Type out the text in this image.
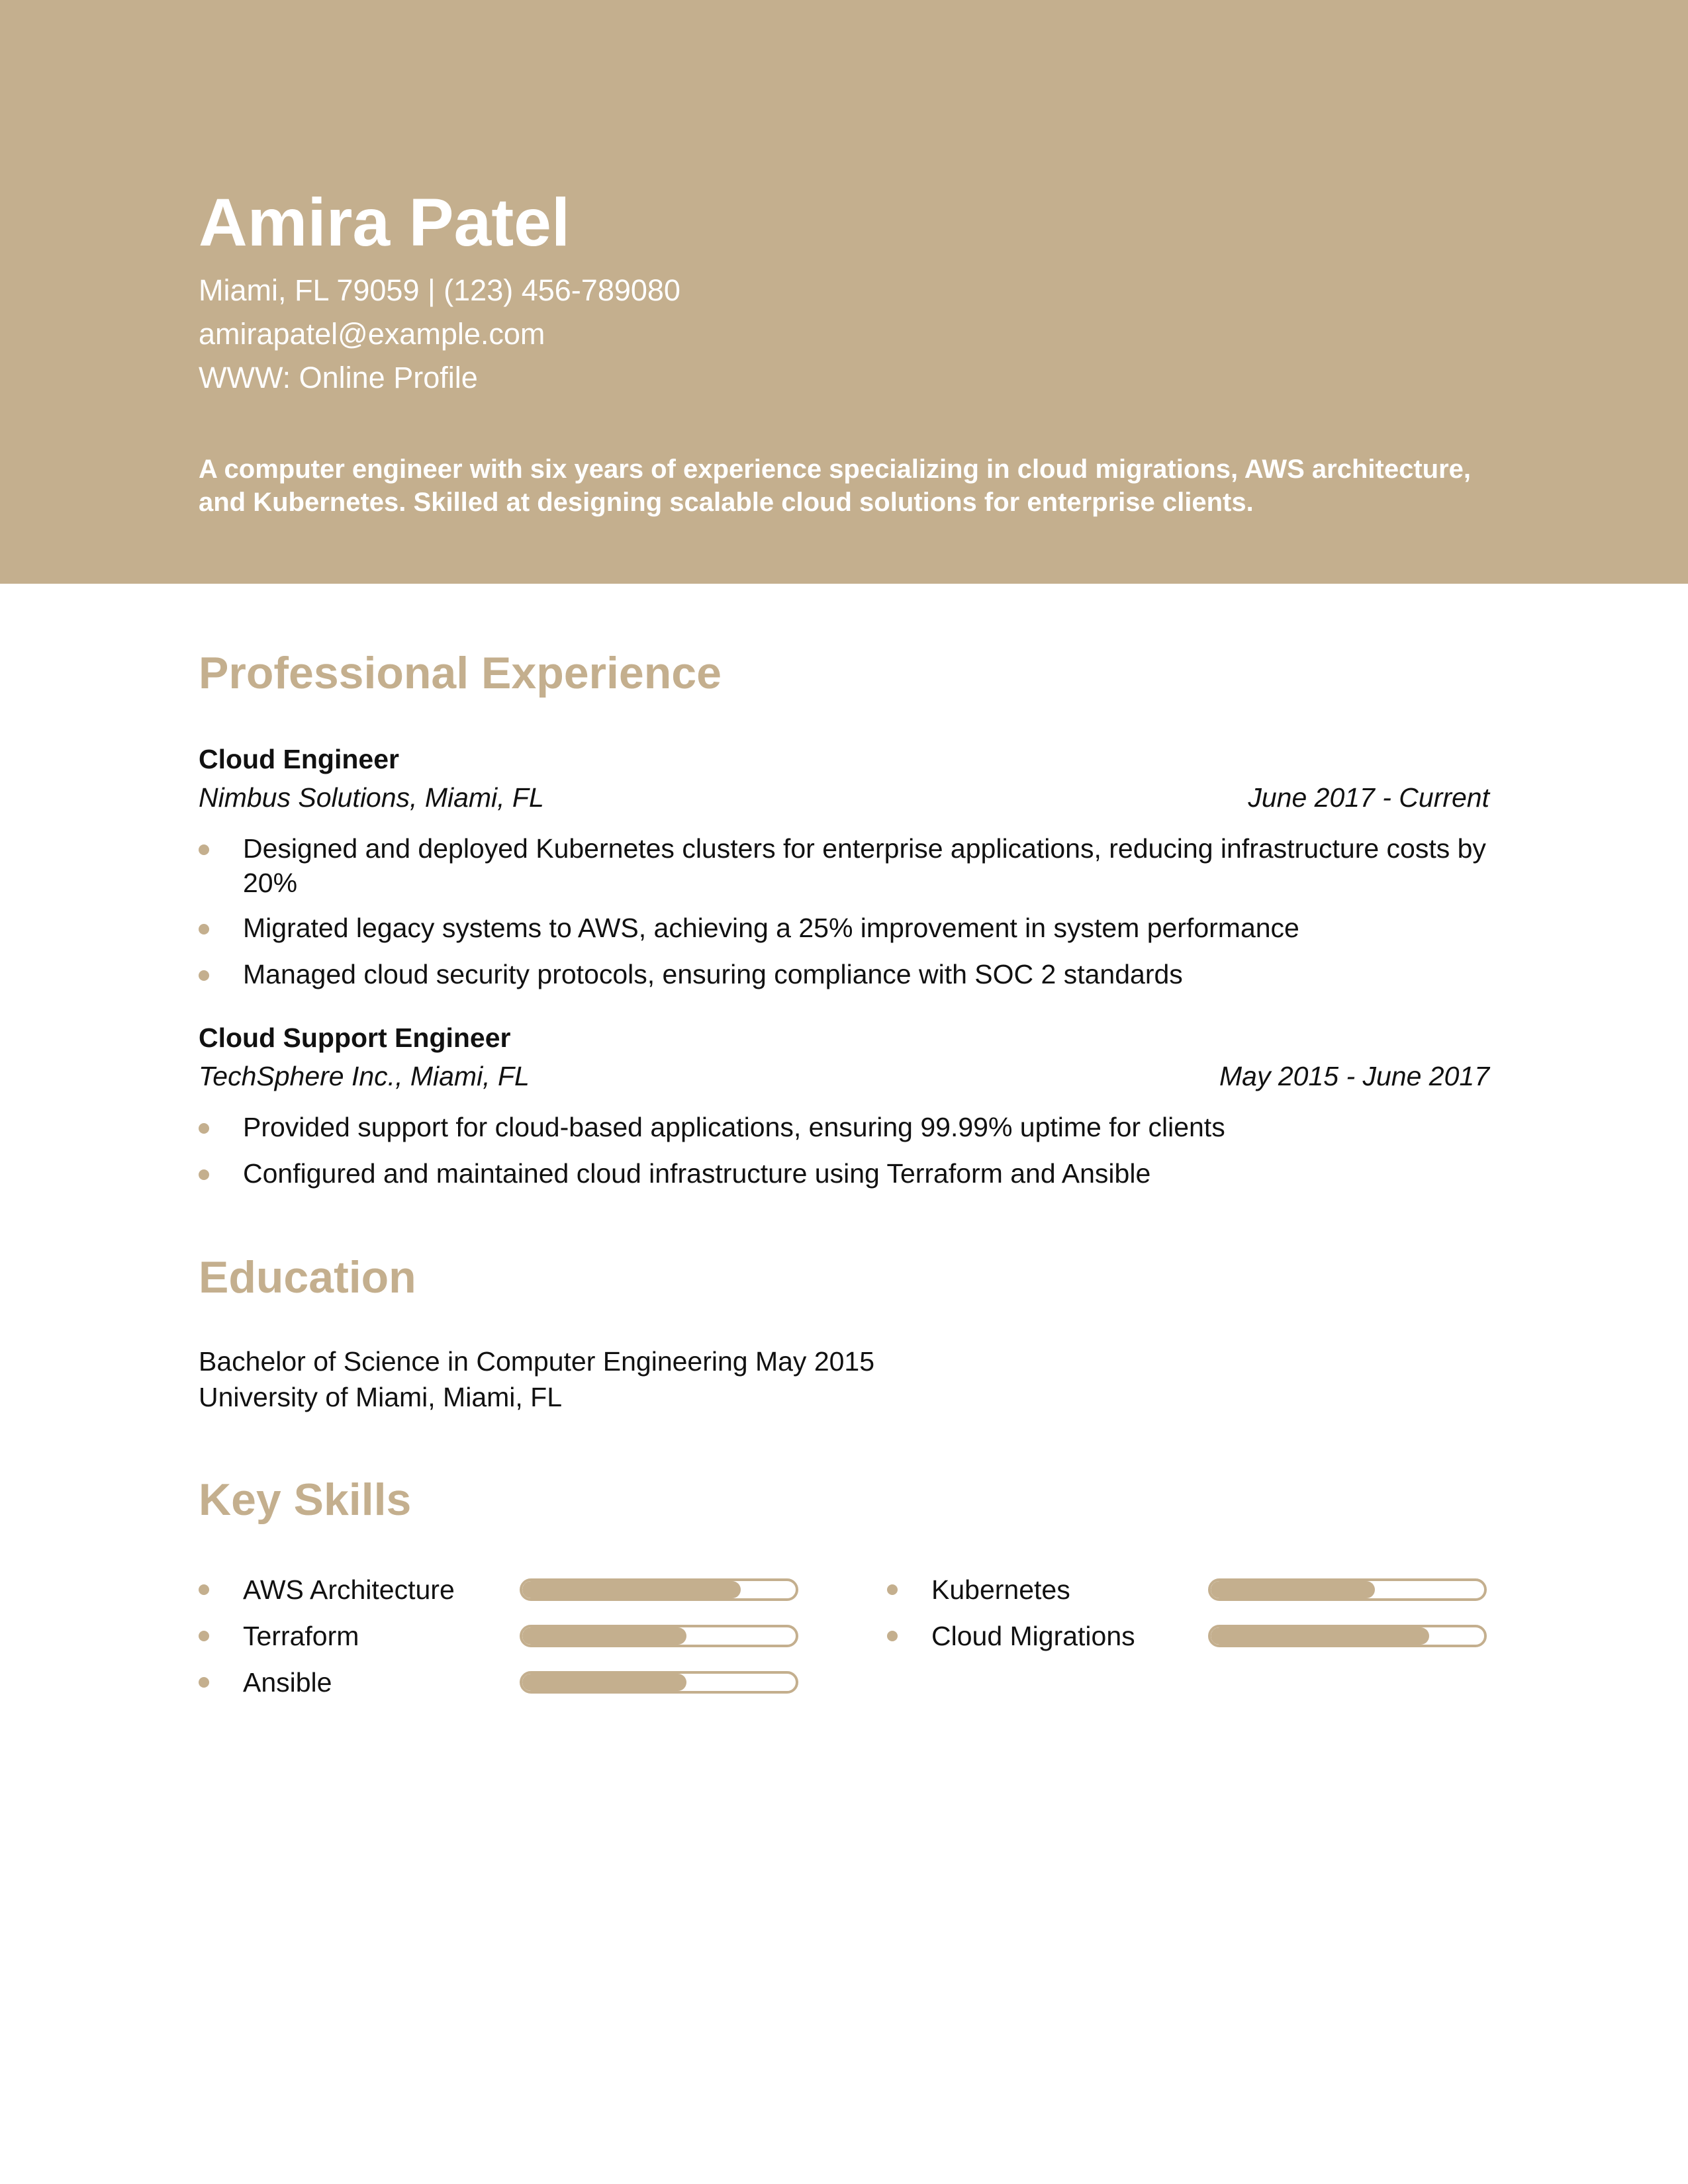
Amira Patel
Miami, FL 79059 | (123) 456-789080
amirapatel@example.com
WWW: Online Profile
A computer engineer with six years of experience specializing in cloud migrations, AWS architecture, and Kubernetes. Skilled at designing scalable cloud solutions for enterprise clients.
Professional Experience
Cloud Engineer
Nimbus Solutions, Miami, FL	June 2017 - Current
Designed and deployed Kubernetes clusters for enterprise applications, reducing infrastructure costs by 20%
Migrated legacy systems to AWS, achieving a 25% improvement in system performance
Managed cloud security protocols, ensuring compliance with SOC 2 standards
Cloud Support Engineer
TechSphere Inc., Miami, FL	May 2015 - June 2017
Provided support for cloud-based applications, ensuring 99.99% uptime for clients
Configured and maintained cloud infrastructure using Terraform and Ansible
Education
Bachelor of Science in Computer Engineering May 2015
University of Miami, Miami, FL
Key Skills
AWS Architecture	Kubernetes
Terraform	Cloud Migrations
Ansible
